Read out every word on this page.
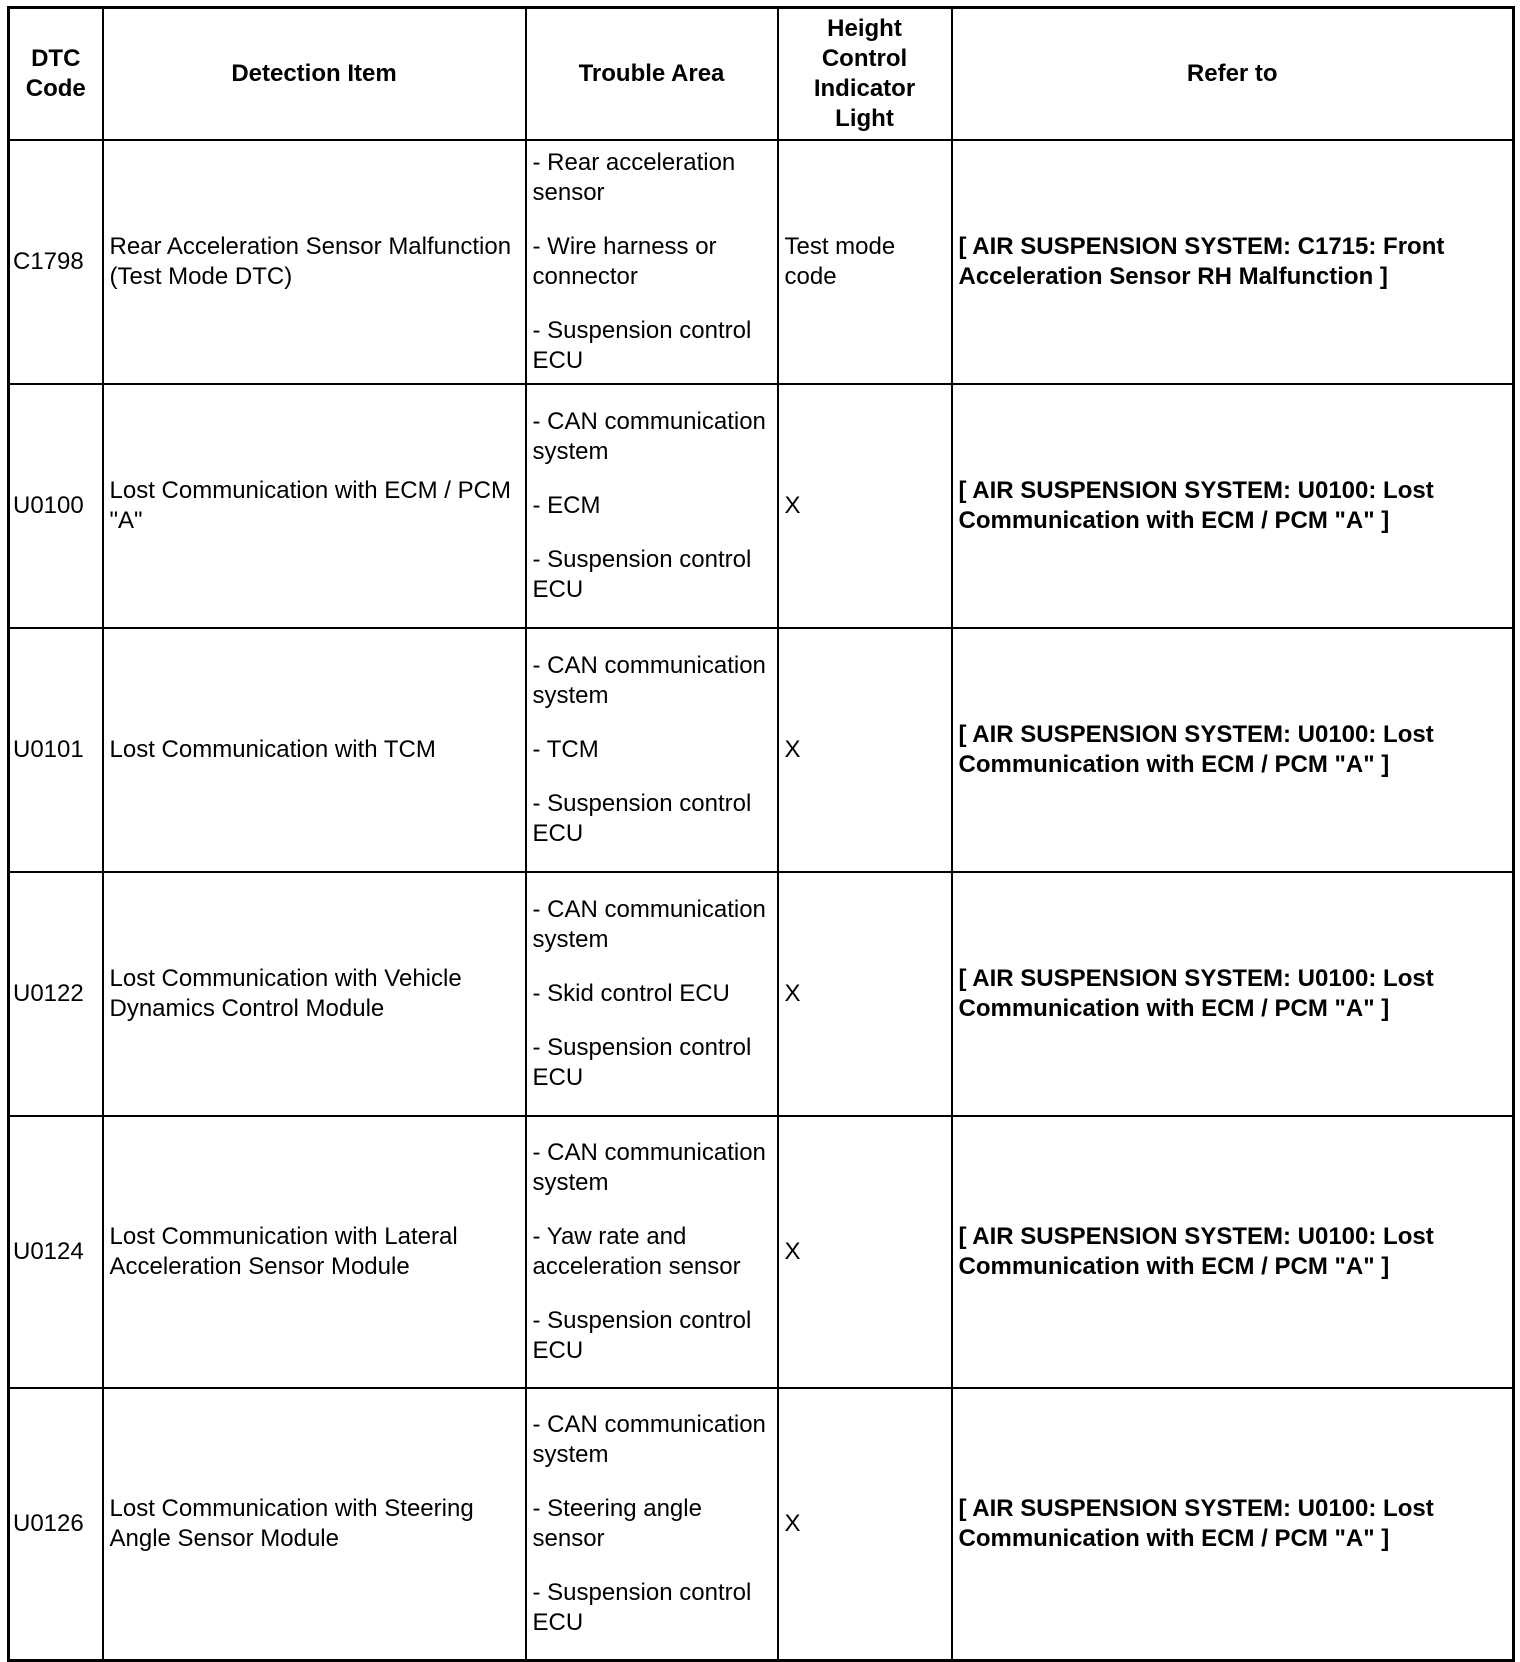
DTC Code	Detection Item	Trouble Area	Height Control Indicator Light	Refer to
C1798	Rear Acceleration Sensor Malfunction (Test Mode DTC)	- Rear acceleration sensor
- Wire harness or connector
- Suspension control ECU	Test mode code	[ AIR SUSPENSION SYSTEM: C1715: Front Acceleration Sensor RH Malfunction ]
U0100	Lost Communication with ECM / PCM "A"	- CAN communication system
- ECM
- Suspension control ECU	X	[ AIR SUSPENSION SYSTEM: U0100: Lost Communication with ECM / PCM "A" ]
U0101	Lost Communication with TCM	- CAN communication system
- TCM
- Suspension control ECU	X	[ AIR SUSPENSION SYSTEM: U0100: Lost Communication with ECM / PCM "A" ]
U0122	Lost Communication with Vehicle Dynamics Control Module	- CAN communication system
- Skid control ECU
- Suspension control ECU	X	[ AIR SUSPENSION SYSTEM: U0100: Lost Communication with ECM / PCM "A" ]
U0124	Lost Communication with Lateral Acceleration Sensor Module	- CAN communication system
- Yaw rate and acceleration sensor
- Suspension control ECU	X	[ AIR SUSPENSION SYSTEM: U0100: Lost Communication with ECM / PCM "A" ]
U0126	Lost Communication with Steering Angle Sensor Module	- CAN communication system
- Steering angle sensor
- Suspension control ECU	X	[ AIR SUSPENSION SYSTEM: U0100: Lost Communication with ECM / PCM "A" ]
